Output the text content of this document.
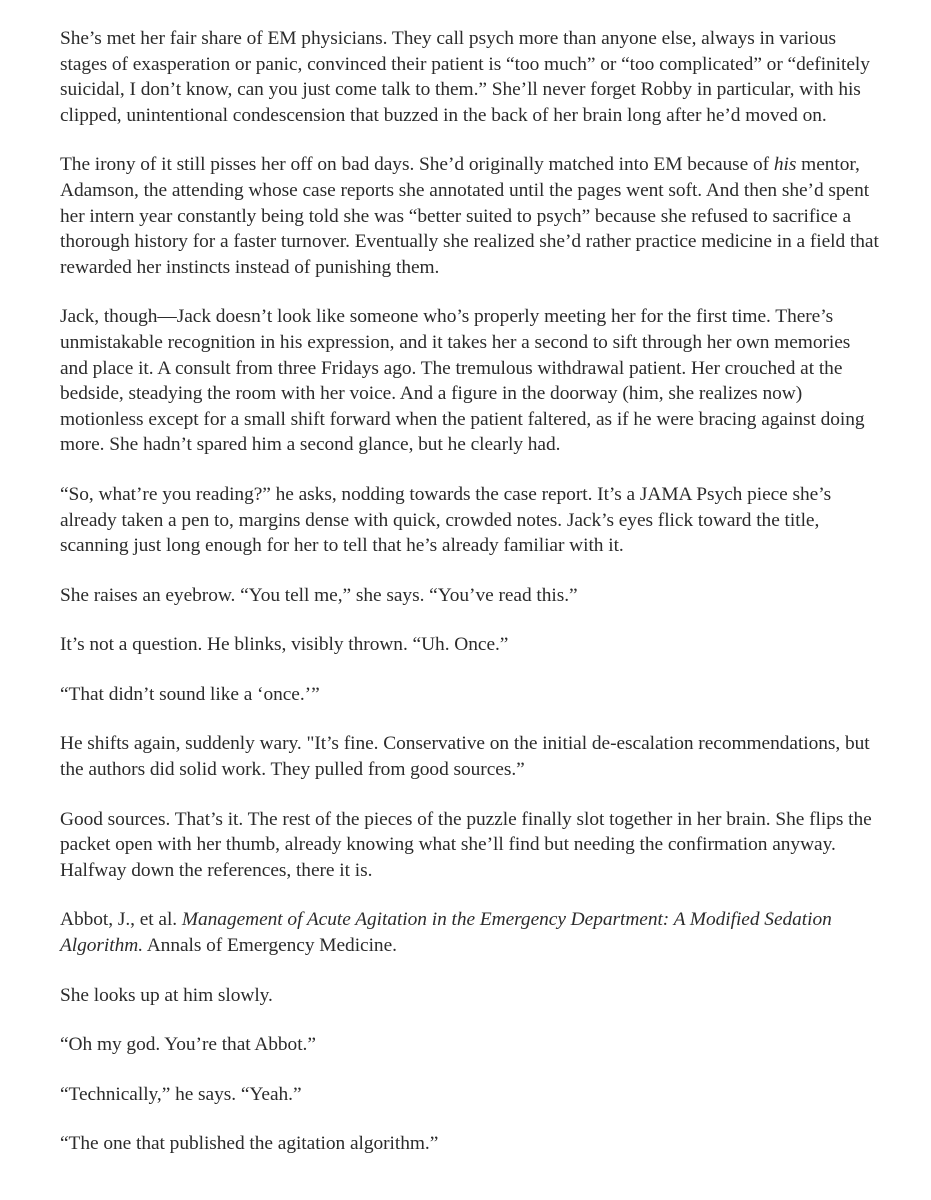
She’s met her fair share of EM physicians. They call psych more than anyone else, always in various stages of exasperation or panic, convinced their patient is “too much” or “too complicated” or “definitely suicidal, I don’t know, can you just come talk to them.” She’ll never forget Robby in particular, with his clipped, unintentional condescension that buzzed in the back of her brain long after he’d moved on.

The irony of it still pisses her off on bad days. She’d originally matched into EM because of his mentor, Adamson, the attending whose case reports she annotated until the pages went soft. And then she’d spent her intern year constantly being told she was “better suited to psych” because she refused to sacrifice a thorough history for a faster turnover. Eventually she realized she’d rather practice medicine in a field that rewarded her instincts instead of punishing them.

Jack, though—Jack doesn’t look like someone who’s properly meeting her for the first time. There’s unmistakable recognition in his expression, and it takes her a second to sift through her own memories and place it. A consult from three Fridays ago. The tremulous withdrawal patient. Her crouched at the bedside, steadying the room with her voice. And a figure in the doorway (him, she realizes now) motionless except for a small shift forward when the patient faltered, as if he were bracing against doing more. She hadn’t spared him a second glance, but he clearly had.

“So, what’re you reading?” he asks, nodding towards the case report. It’s a JAMA Psych piece she’s already taken a pen to, margins dense with quick, crowded notes. Jack’s eyes flick toward the title, scanning just long enough for her to tell that he’s already familiar with it.

She raises an eyebrow. “You tell me,” she says. “You’ve read this.”

It’s not a question. He blinks, visibly thrown. “Uh. Once.”

“That didn’t sound like a ‘once.’”

He shifts again, suddenly wary. "It’s fine. Conservative on the initial de-escalation recommendations, but the authors did solid work. They pulled from good sources.”

Good sources. That’s it. The rest of the pieces of the puzzle finally slot together in her brain. She flips the packet open with her thumb, already knowing what she’ll find but needing the confirmation anyway. Halfway down the references, there it is.

Abbot, J., et al. Management of Acute Agitation in the Emergency Department: A Modified Sedation Algorithm. Annals of Emergency Medicine.

She looks up at him slowly.

“Oh my god. You’re that Abbot.”

“Technically,” he says. “Yeah.”

“The one that published the agitation algorithm.”
